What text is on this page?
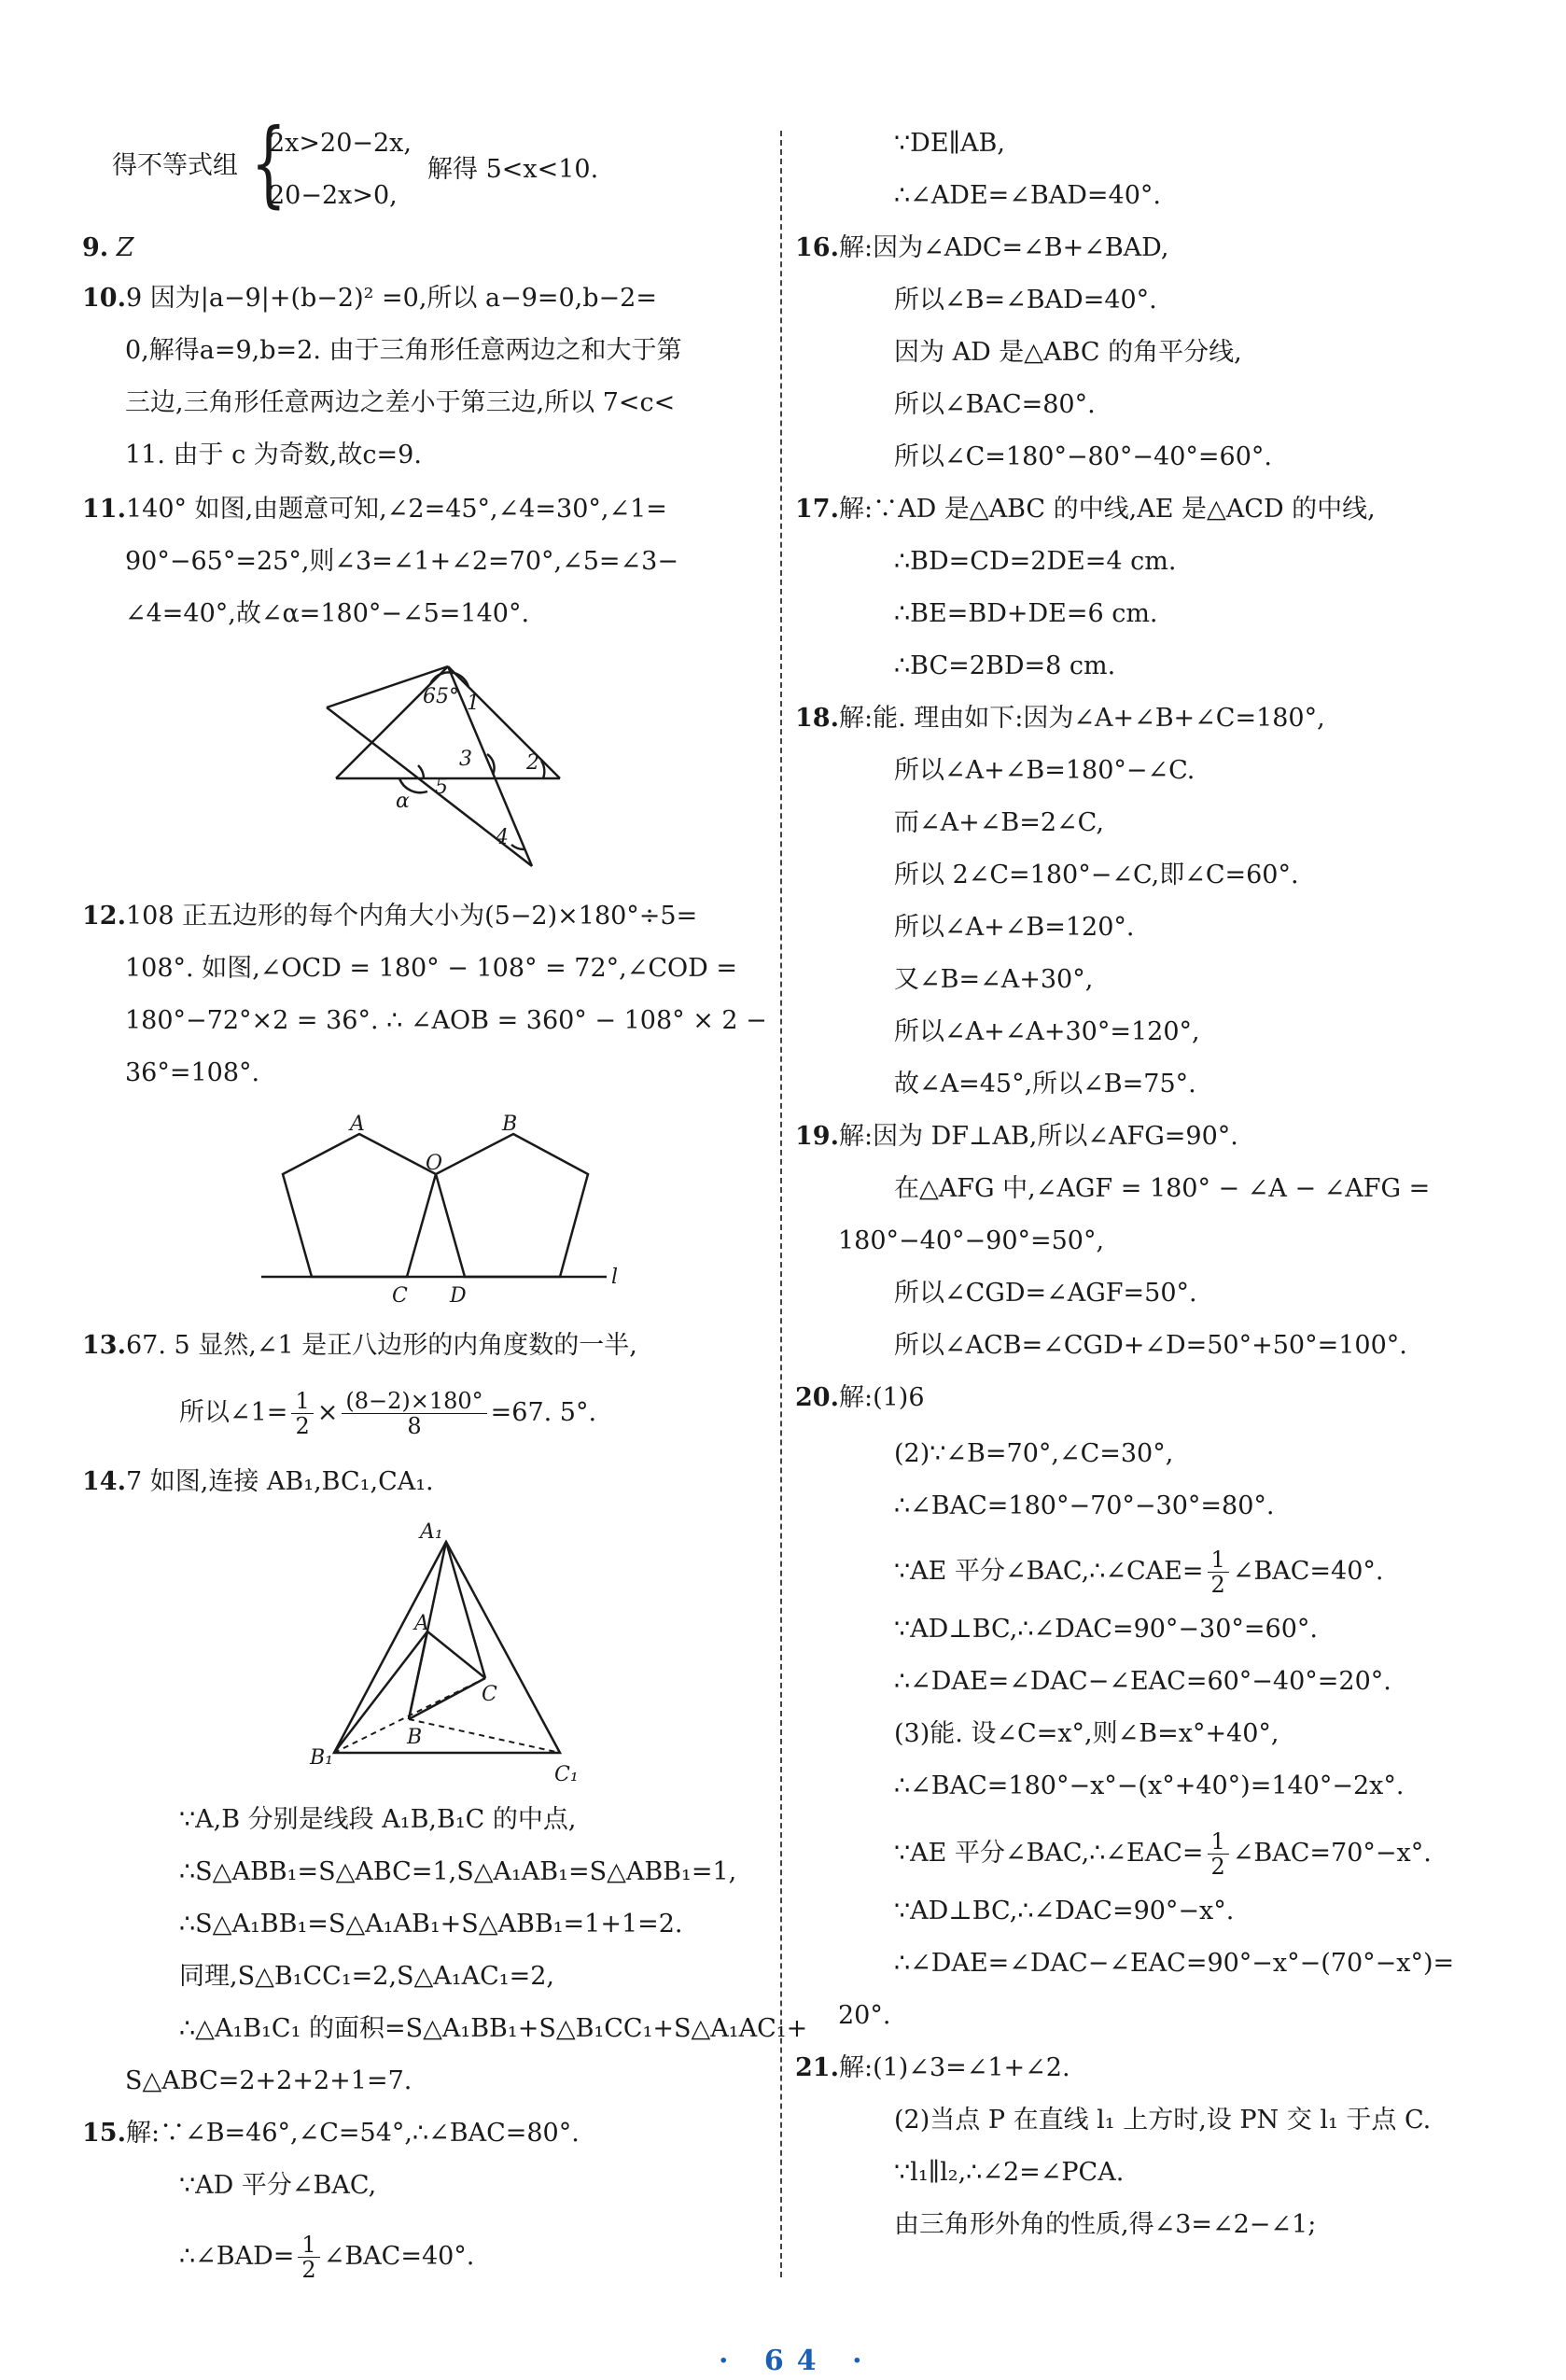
得不等式组 {
2x>20−2x,
20−2x>0,
解得 5<x<10.
9. Z
10.9 因为|a−9|+(b−2)² =0,所以 a−9=0,b−2=
0,解得a=9,b=2. 由于三角形任意两边之和大于第
三边,三角形任意两边之差小于第三边,所以 7<c<
11. 由于 c 为奇数,故c=9.
11.140° 如图,由题意可知,∠2=45°,∠4=30°,∠1=
90°−65°=25°,则∠3=∠1+∠2=70°,∠5=∠3−
∠4=40°,故∠α=180°−∠5=140°.
65° 1
2
3
4
5
α
12.108 正五边形的每个内角大小为(5−2)×180°÷5=
108°. 如图,∠OCD = 180° − 108° = 72°,∠COD =
180°−72°×2 = 36°. ∴ ∠AOB = 360° − 108° × 2 −
36°=108°.
A	B
O
C D
l
13.67. 5 显然,∠1 是正八边形的内角度数的一半,
所以∠1= $\frac{1}{2} \times \frac{(8-2)\times 180^\circ}{8} =67$. 5°.
14.7 如图,连接 AB₁,BC₁,CA₁.
A₁
A
C
B
B₁
C₁
∵A,B 分别是线段 A₁B,B₁C 的中点,
∴S△ABB₁=S△ABC=1,S△A₁AB₁=S△ABB₁=1,
∴S△A₁BB₁=S△A₁AB₁+S△ABB₁=1+1=2.
同理,S△B₁CC₁=2,S△A₁AC₁=2,
∴△A₁B₁C₁ 的面积=S△A₁BB₁+S△B₁CC₁+S△A₁AC₁+
S△ABC=2+2+2+1=7.
15.解:∵∠B=46°,∠C=54°,∴∠BAC=80°.
∵AD 平分∠BAC,
∴∠BAD= $\frac{1}{2}$ ∠BAC=40°.
∵DE∥AB,
∴∠ADE=∠BAD=40°.
16.解:因为∠ADC=∠B+∠BAD,
所以∠B=∠BAD=40°.
因为 AD 是△ABC 的角平分线,
所以∠BAC=80°.
所以∠C=180°−80°−40°=60°.
17.解:∵AD 是△ABC 的中线,AE 是△ACD 的中线,
∴BD=CD=2DE=4 cm.
∴BE=BD+DE=6 cm.
∴BC=2BD=8 cm.
18.解:能. 理由如下:因为∠A+∠B+∠C=180°,
所以∠A+∠B=180°−∠C.
而∠A+∠B=2∠C,
所以 2∠C=180°−∠C,即∠C=60°.
所以∠A+∠B=120°.
又∠B=∠A+30°,
所以∠A+∠A+30°=120°,
故∠A=45°,所以∠B=75°.
19.解:因为 DF⊥AB,所以∠AFG=90°.
在△AFG 中,∠AGF = 180° − ∠A − ∠AFG =
180°−40°−90°=50°,
所以∠CGD=∠AGF=50°.
所以∠ACB=∠CGD+∠D=50°+50°=100°.
20.解:(1)6
(2)∵∠B=70°,∠C=30°,
∴∠BAC=180°−70°−30°=80°.
∵AE 平分∠BAC,∴∠CAE= $\frac{1}{2}$ ∠BAC=40°.
∵AD⊥BC,∴∠DAC=90°−30°=60°.
∴∠DAE=∠DAC−∠EAC=60°−40°=20°.
(3)能. 设∠C=x°,则∠B=x°+40°,
∴∠BAC=180°−x°−(x°+40°)=140°−2x°.
∵AE 平分∠BAC,∴∠EAC= $\frac{1}{2}$ ∠BAC=70°−x°.
∵AD⊥BC,∴∠DAC=90°−x°.
∴∠DAE=∠DAC−∠EAC=90°−x°−(70°−x°)=
20°.
21.解:(1)∠3=∠1+∠2.
(2)当点 P 在直线 l₁ 上方时,设 PN 交 l₁ 于点 C.
∵l₁∥l₂,∴∠2=∠PCA.
由三角形外角的性质,得∠3=∠2−∠1;
· 64 ·
